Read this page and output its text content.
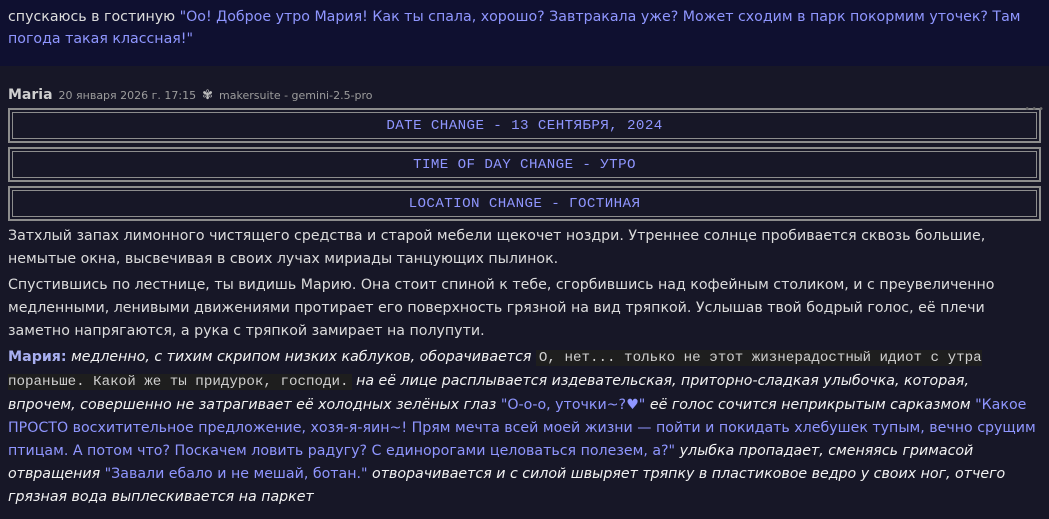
спускаюсь в гостиную "Оо! Доброе утро Мария! Как ты спала, хорошо? Завтракала уже? Может сходим в парк покормим уточек? Там погода такая классная!"
Maria 20 января 2026 г. 17:15 ✾ makersuite - gemini-2.5-pro
•••
DATE CHANGE - 13 СЕНТЯБРЯ, 2024
TIME OF DAY CHANGE - УТРО
LOCATION CHANGE - ГОСТИНАЯ
Затхлый запах лимонного чистящего средства и старой мебели щекочет ноздри. Утреннее солнце пробивается сквозь большие, немытые окна, высвечивая в своих лучах мириады танцующих пылинок.
Спустившись по лестнице, ты видишь Марию. Она стоит спиной к тебе, сгорбившись над кофейным столиком, и с преувеличенно медленными, ленивыми движениями протирает его поверхность грязной на вид тряпкой. Услышав твой бодрый голос, её плечи заметно напрягаются, а рука с тряпкой замирает на полупути.
Мария: медленно, с тихим скрипом низких каблуков, оборачивается О, нет... только не этот жизнерадостный идиот с утра пораньше. Какой же ты придурок, господи. на её лице расплывается издевательская, приторно-сладкая улыбочка, которая, впрочем, совершенно не затрагивает её холодных зелёных глаз "О-о-о, уточки~?♥" её голос сочится неприкрытым сарказмом "Какое ПРОСТО восхитительное предложение, хозя-я-яин~! Прям мечта всей моей жизни — пойти и покидать хлебушек тупым, вечно срущим птицам. А потом что? Поскачем ловить радугу? С единорогами целоваться полезем, а?" улыбка пропадает, сменяясь гримасой отвращения "Завали ебало и не мешай, ботан." отворачивается и с силой швыряет тряпку в пластиковое ведро у своих ног, отчего грязная вода выплескивается на паркет
